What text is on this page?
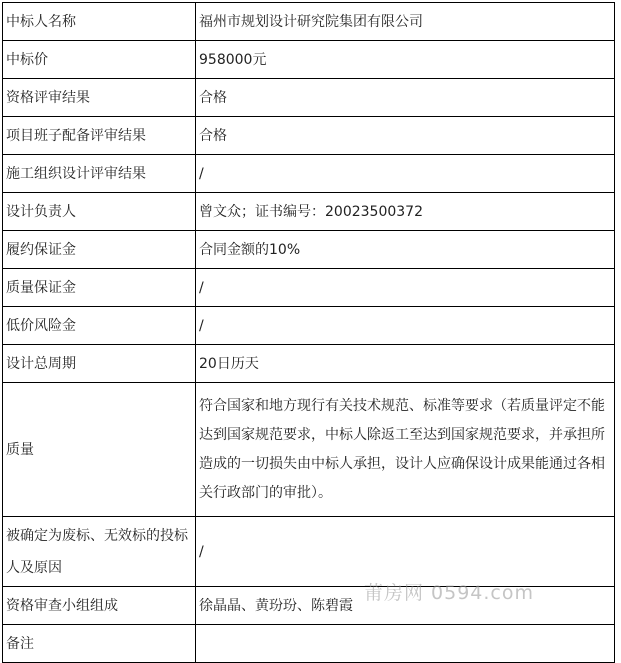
中标人名称	福州市规划设计研究院集团有限公司
中标价	958000元
资格评审结果	合格
项目班子配备评审结果	合格
施工组织设计评审结果	/
设计负责人	曾文众；证书编号：20023500372
履约保证金	合同金额的10%
质量保证金	/
低价风险金	/
设计总周期	20日历天
质量	符合国家和地方现行有关技术规范、标准等要求（若质量评定不能达到国家规范要求，中标人除返工至达到国家规范要求，并承担所造成的一切损失由中标人承担，设计人应确保设计成果能通过各相关行政部门的审批）。
被确定为废标、无效标的投标人及原因	/
资格审查小组组成	徐晶晶、黄玢玢、陈碧霞
备注	
莆房网 0594.com
